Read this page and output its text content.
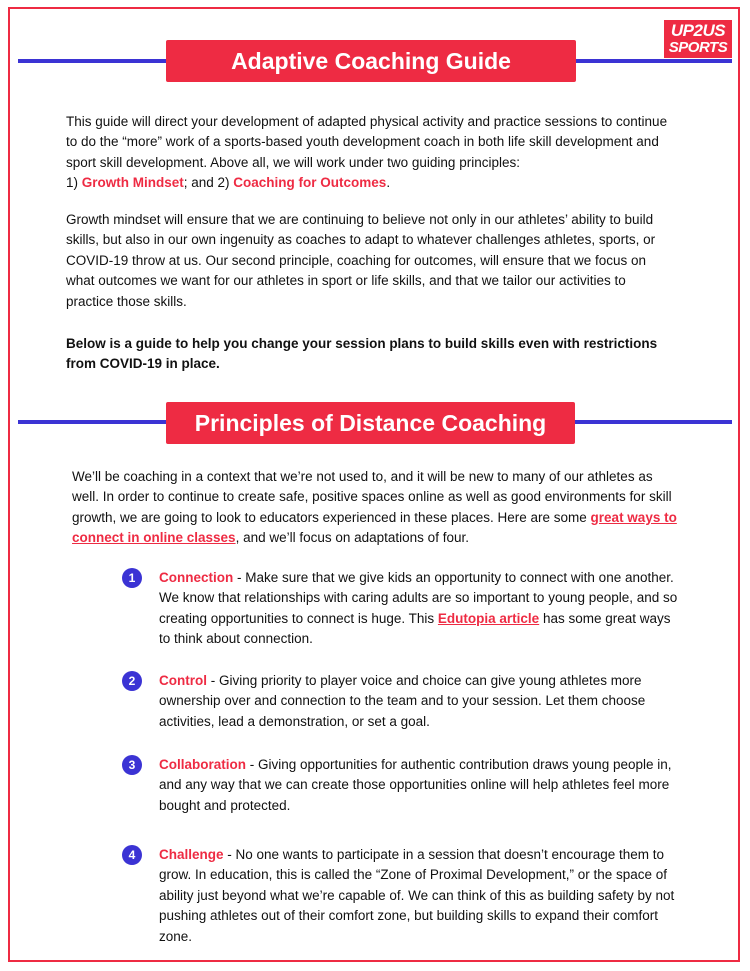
UP2US
SPORTS
Adaptive Coaching Guide

This guide will direct your development of adapted physical activity and practice sessions to continue to do the “more” work of a sports-based youth development coach in both life skill development and sport skill development. Above all, we will work under two guiding principles:
1) Growth Mindset; and 2) Coaching for Outcomes.

Growth mindset will ensure that we are continuing to believe not only in our athletes’ ability to build skills, but also in our own ingenuity as coaches to adapt to whatever challenges athletes, sports, or COVID-19 throw at us. Our second principle, coaching for outcomes, will ensure that we focus on what outcomes we want for our athletes in sport or life skills, and that we tailor our activities to practice those skills.

Below is a guide to help you change your session plans to build skills even with restrictions from COVID-19 in place.

Principles of Distance Coaching

We’ll be coaching in a context that we’re not used to, and it will be new to many of our athletes as well. In order to continue to create safe, positive spaces online as well as good environments for skill growth, we are going to look to educators experienced in these places. Here are some great ways to connect in online classes, and we’ll focus on adaptations of four.

1	Connection - Make sure that we give kids an opportunity to connect with one another. We know that relationships with caring adults are so important to young people, and so creating opportunities to connect is huge. This Edutopia article has some great ways to think about connection.

2	Control - Giving priority to player voice and choice can give young athletes more ownership over and connection to the team and to your session. Let them choose activities, lead a demonstration, or set a goal.

3	Collaboration - Giving opportunities for authentic contribution draws young people in, and any way that we can create those opportunities online will help athletes feel more bought and protected.

4	Challenge - No one wants to participate in a session that doesn’t encourage them to grow. In education, this is called the “Zone of Proximal Development,” or the space of ability just beyond what we’re capable of. We can think of this as building safety by not pushing athletes out of their comfort zone, but building skills to expand their comfort zone.
